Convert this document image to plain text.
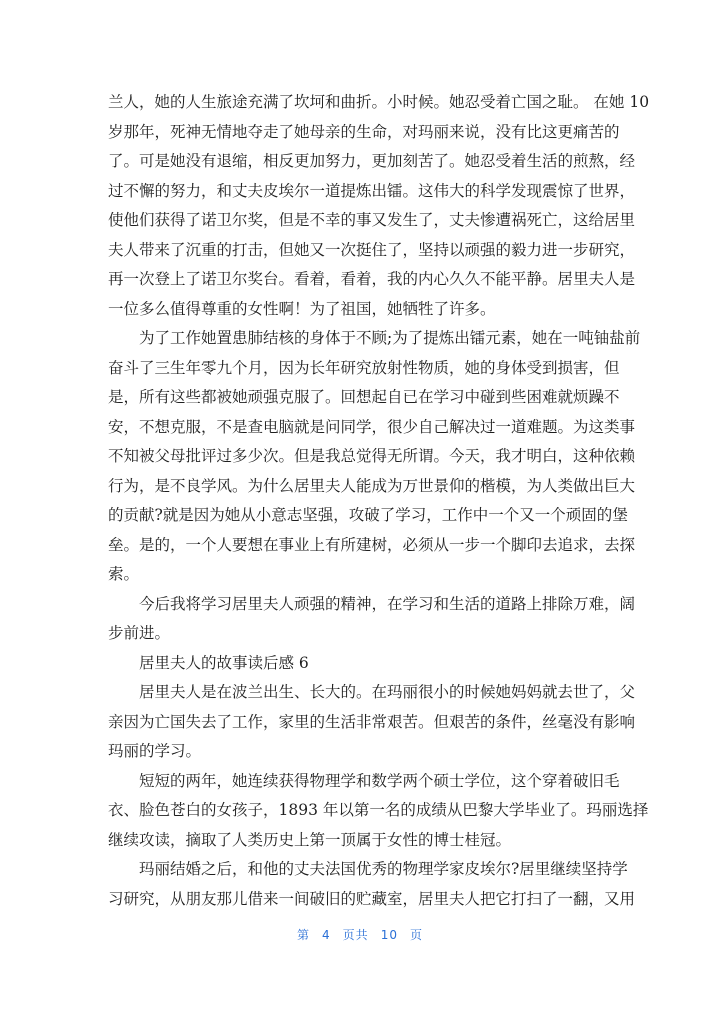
兰人，她的人生旅途充满了坎坷和曲折。小时候。她忍受着亡国之耻。 在她 10
岁那年，死神无情地夺走了她母亲的生命，对玛丽来说，没有比这更痛苦的
了。可是她没有退缩，相反更加努力，更加刻苦了。她忍受着生活的煎熬，经
过不懈的努力，和丈夫皮埃尔一道提炼出镭。这伟大的科学发现震惊了世界，
使他们获得了诺卫尔奖，但是不幸的事又发生了，丈夫惨遭祸死亡，这给居里
夫人带来了沉重的打击，但她又一次挺住了，坚持以顽强的毅力进一步研究，
再一次登上了诺卫尔奖台。看着，看着，我的内心久久不能平静。居里夫人是
一位多么值得尊重的女性啊！为了祖国，她牺牲了许多。
为了工作她置患肺结核的身体于不顾;为了提炼出镭元素，她在一吨铀盐前
奋斗了三生年零九个月，因为长年研究放射性物质，她的身体受到损害，但
是，所有这些都被她顽强克服了。回想起自已在学习中碰到些困难就烦躁不
安，不想克服，不是查电脑就是问同学，很少自己解决过一道难题。为这类事
不知被父母批评过多少次。但是我总觉得无所谓。今天，我才明白，这种依赖
行为，是不良学风。为什么居里夫人能成为万世景仰的楷模，为人类做出巨大
的贡献?就是因为她从小意志坚强，攻破了学习，工作中一个又一个顽固的堡
垒。是的，一个人要想在事业上有所建树，必须从一步一个脚印去追求，去探
索。
今后我将学习居里夫人顽强的精神，在学习和生活的道路上排除万难，阔
步前进。
居里夫人的故事读后感 6
居里夫人是在波兰出生、长大的。在玛丽很小的时候她妈妈就去世了，父
亲因为亡国失去了工作，家里的生活非常艰苦。但艰苦的条件，丝毫没有影响
玛丽的学习。
短短的两年，她连续获得物理学和数学两个硕士学位，这个穿着破旧毛
衣、脸色苍白的女孩子，1893 年以第一名的成绩从巴黎大学毕业了。玛丽选择
继续攻读，摘取了人类历史上第一顶属于女性的博士桂冠。
玛丽结婚之后，和他的丈夫法国优秀的物理学家皮埃尔?居里继续坚持学
习研究，从朋友那儿借来一间破旧的贮藏室，居里夫人把它打扫了一翻，又用
第 4 页共 10 页
